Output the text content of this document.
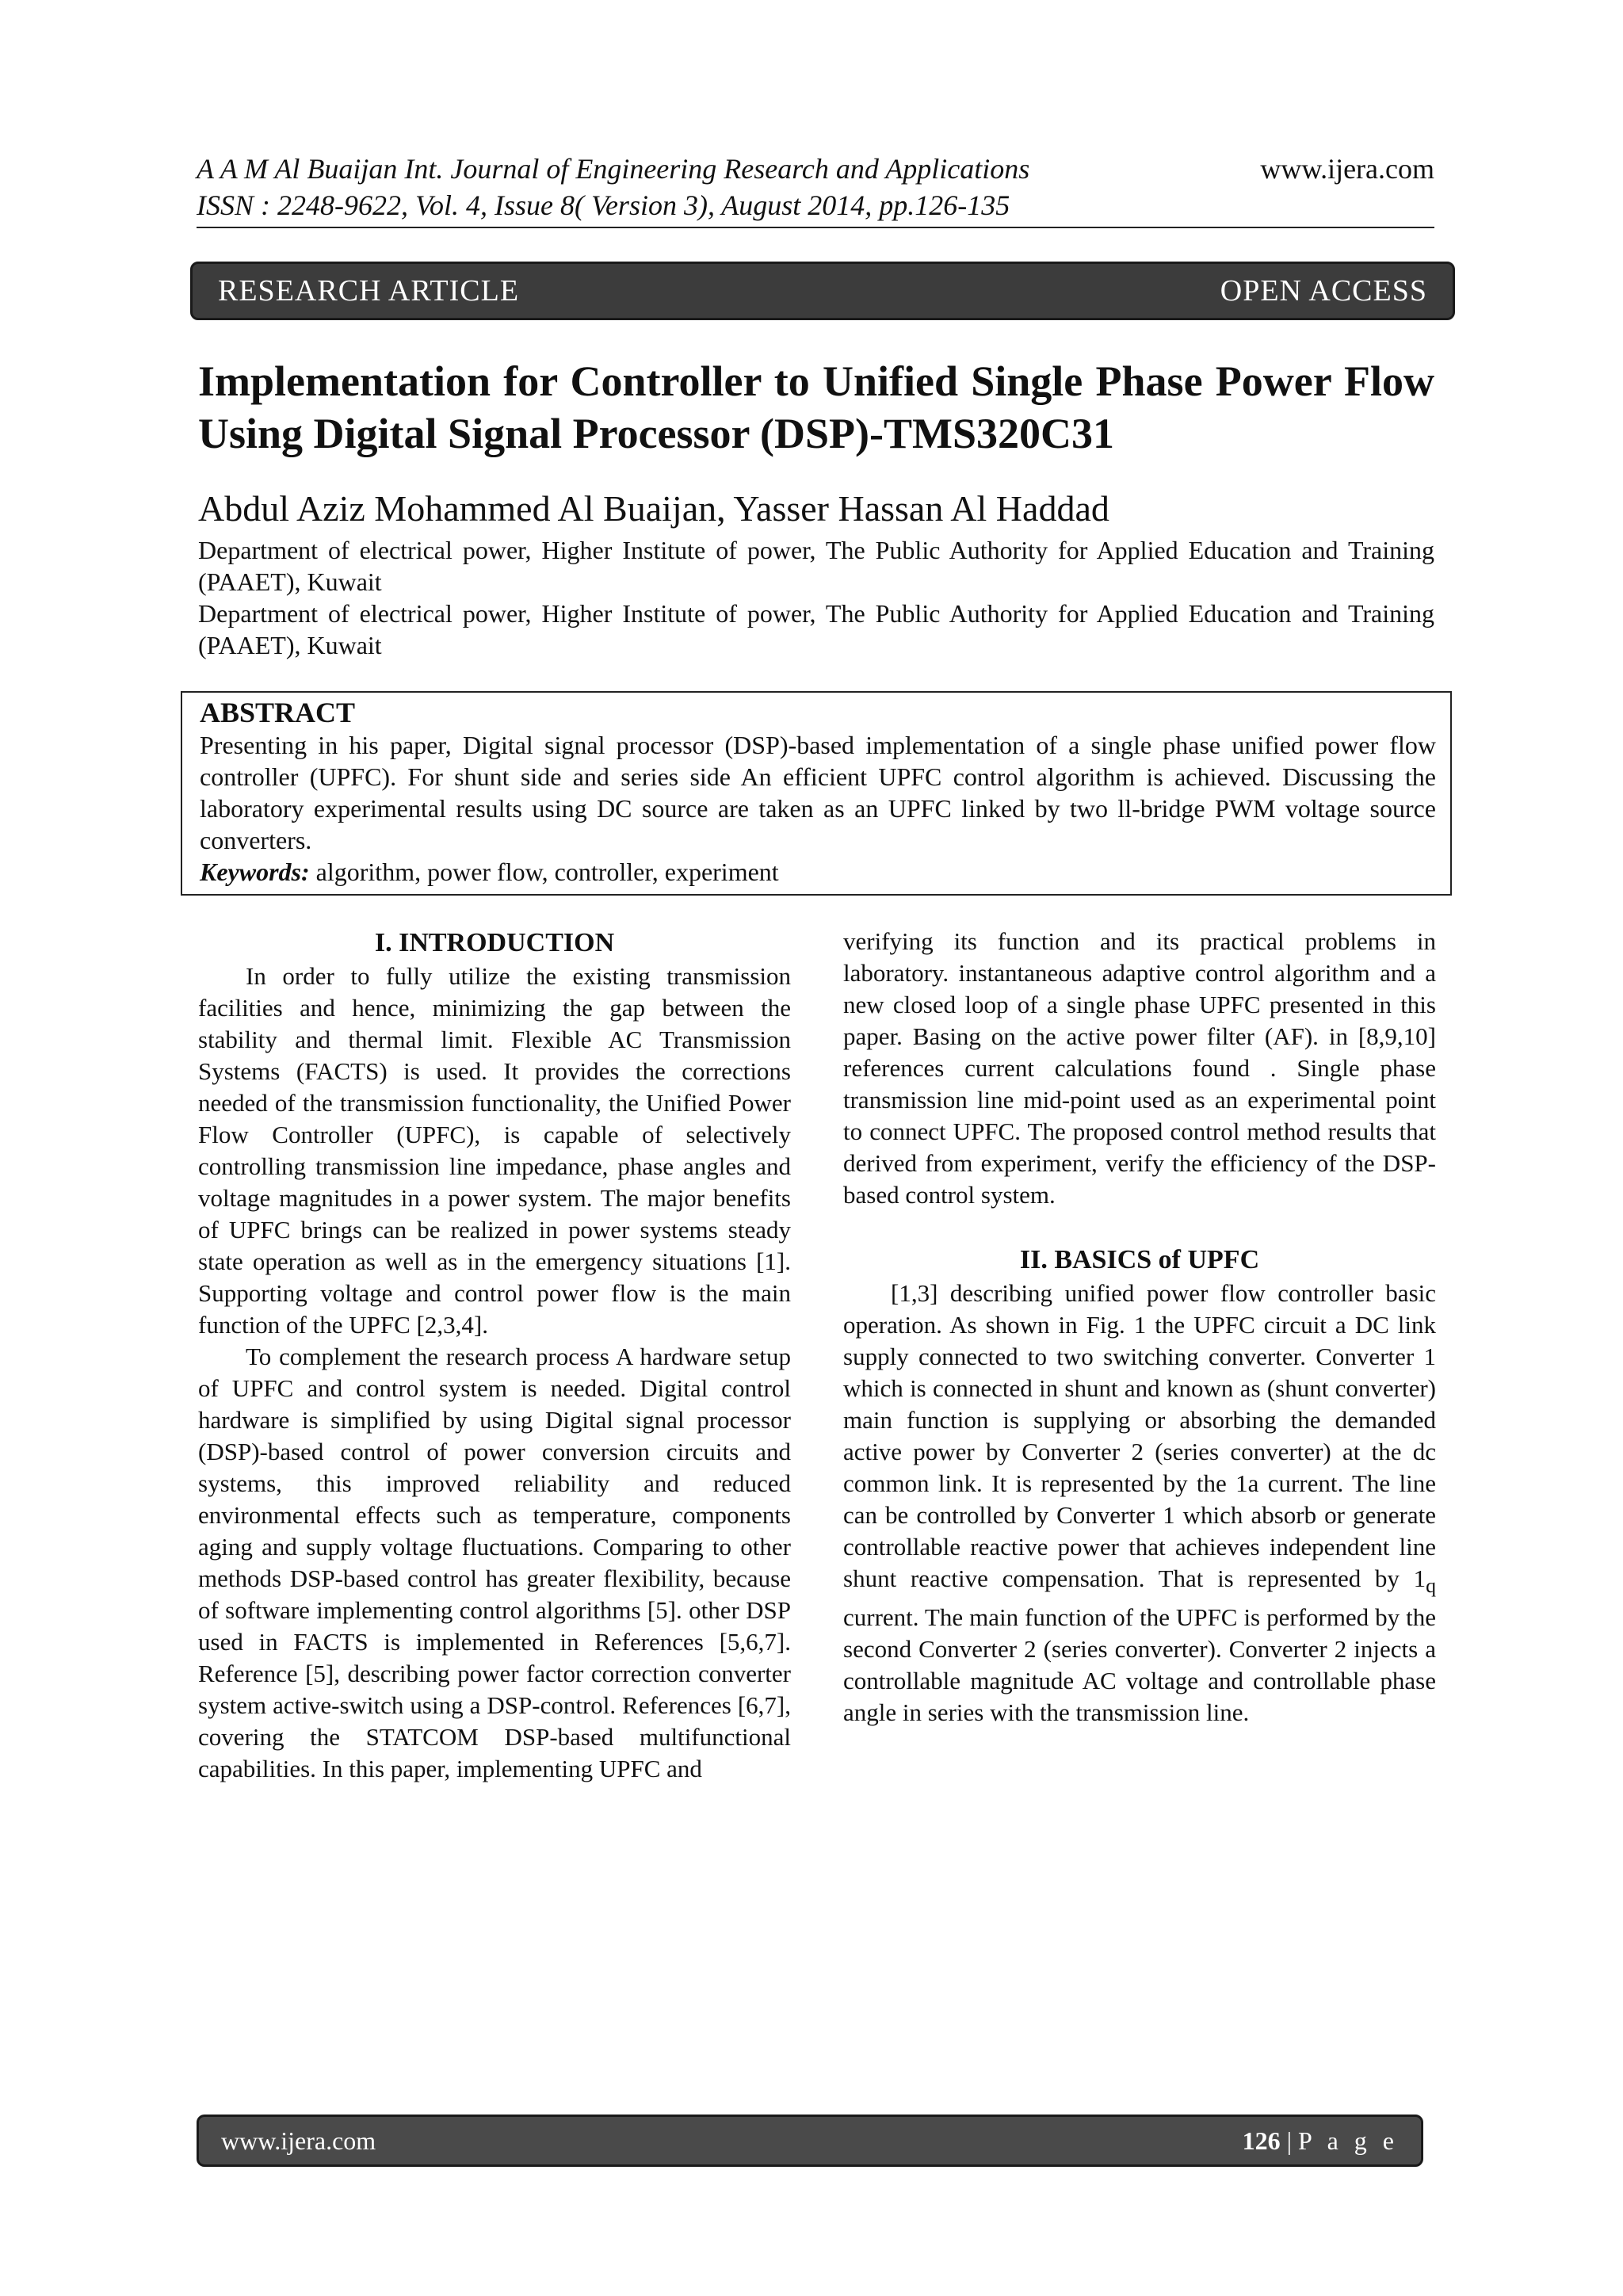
A A M Al Buaijan Int. Journal of Engineering Research and Applications	www.ijera.com
ISSN : 2248-9622, Vol. 4, Issue 8( Version 3), August 2014, pp.126-135
RESEARCH ARTICLE	OPEN ACCESS
Implementation for Controller to Unified Single Phase Power Flow Using Digital Signal Processor (DSP)-TMS320C31
Abdul Aziz Mohammed Al Buaijan, Yasser Hassan Al Haddad
Department of electrical power, Higher Institute of power, The Public Authority for Applied Education and Training (PAAET), Kuwait
Department of electrical power, Higher Institute of power, The Public Authority for Applied Education and Training (PAAET), Kuwait
ABSTRACT
Presenting in his paper, Digital signal processor (DSP)-based implementation of a single phase unified power flow controller (UPFC). For shunt side and series side An efficient UPFC control algorithm is achieved. Discussing the laboratory experimental results using DC source are taken as an UPFC linked by two ll-bridge PWM voltage source converters.
Keywords: algorithm, power flow, controller, experiment
I. INTRODUCTION

In order to fully utilize the existing transmission facilities and hence, minimizing the gap between the stability and thermal limit. Flexible AC Transmission Systems (FACTS) is used. It provides the corrections needed of the transmission functionality, the Unified Power Flow Controller (UPFC), is capable of selectively controlling transmission line impedance, phase angles and voltage magnitudes in a power system. The major benefits of UPFC brings can be realized in power systems steady state operation as well as in the emergency situations [1]. Supporting voltage and control power flow is the main function of the UPFC [2,3,4].

To complement the research process A hardware setup of UPFC and control system is needed. Digital control hardware is simplified by using Digital signal processor (DSP)-based control of power conversion circuits and systems, this improved reliability and reduced environmental effects such as temperature, components aging and supply voltage fluctuations. Comparing to other methods DSP-based control has greater flexibility, because of software implementing control algorithms [5]. other DSP used in FACTS is implemented in References [5,6,7]. Reference [5], describing power factor correction converter system active-switch using a DSP-control. References [6,7], covering the STATCOM DSP-based multifunctional capabilities. In this paper, implementing UPFC and

verifying its function and its practical problems in laboratory. instantaneous adaptive control algorithm and a new closed loop of a single phase UPFC presented in this paper. Basing on the active power filter (AF). in [8,9,10] references current calculations found . Single phase transmission line mid-point used as an experimental point to connect UPFC. The proposed control method results that derived from experiment, verify the efficiency of the DSP-based control system.

II. BASICS of UPFC

[1,3] describing unified power flow controller basic operation. As shown in Fig. 1 the UPFC circuit a DC link supply connected to two switching converter. Converter 1 which is connected in shunt and known as (shunt converter) main function is supplying or absorbing the demanded active power by Converter 2 (series converter) at the dc common link. It is represented by the 1a current. The line can be controlled by Converter 1 which absorb or generate controllable reactive power that achieves independent line shunt reactive compensation. That is represented by $1_q$ current. The main function of the UPFC is performed by the second Converter 2 (series converter). Converter 2 injects a controllable magnitude AC voltage and controllable phase angle in series with the transmission line.

www.ijera.com	126 | P a g e
